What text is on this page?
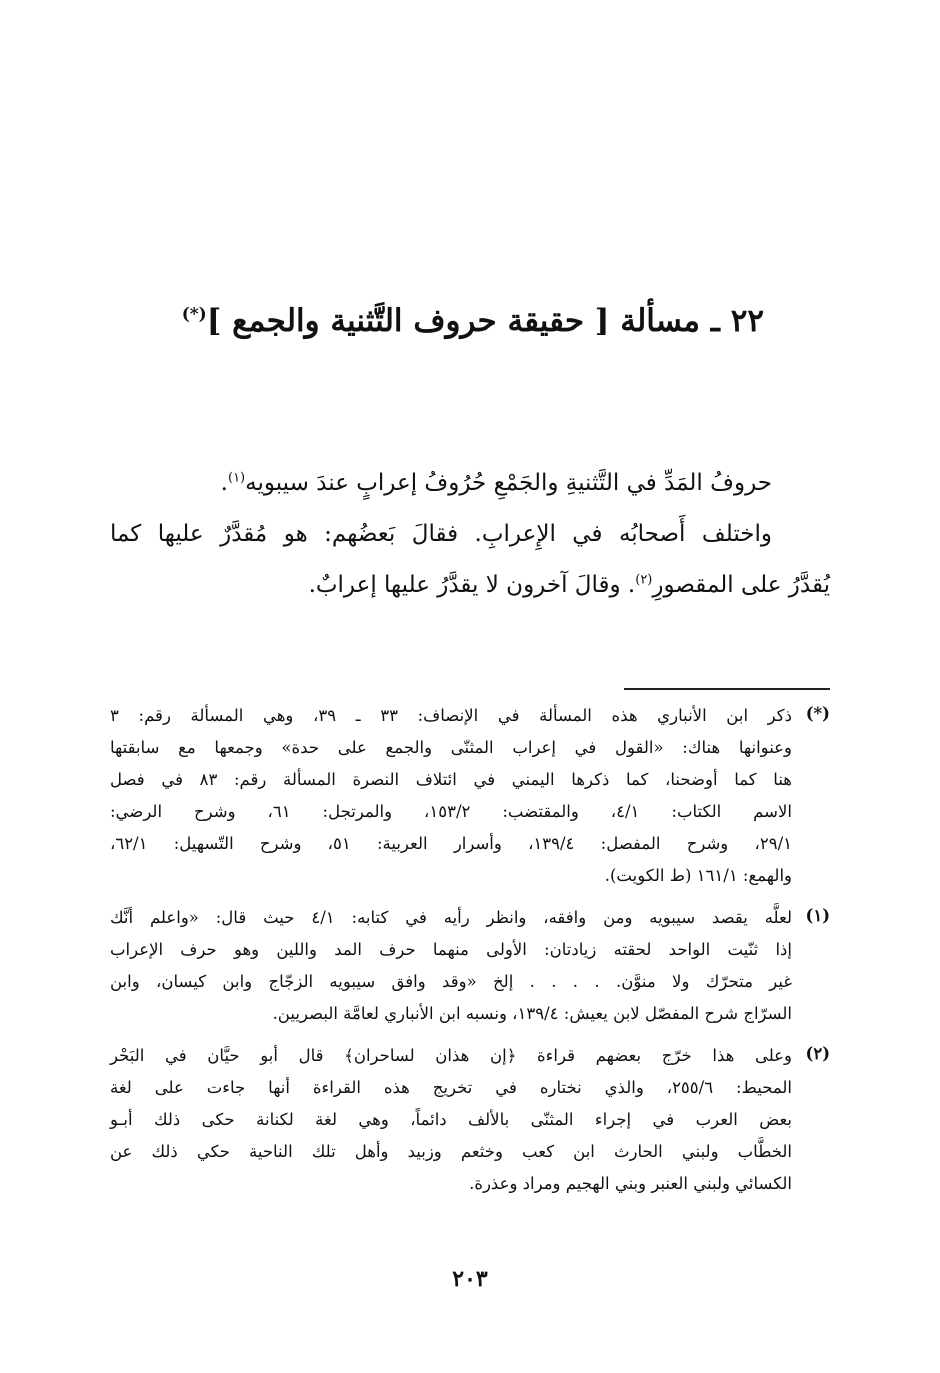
٢٢ ـ مسألة [ حقيقة حروف التَّثنية والجمع ](*)
حروفُ المَدِّ في التَّثنيةِ والجَمْعِ حُرُوفُ إعرابٍ عندَ سيبويه$^{(١)}$.
واختلف أَصحابُه في الإِعرابِ. فقالَ بَعضُهم: هو مُقدَّرٌ عليها كما
يُقدَّرُ على المقصورِ$^{(٢)}$. وقالَ آخرون لا يقدَّرُ عليها إعرابٌ.
(*)
ذكر ابن الأنباري هذه المسألة في الإنصاف: ٣٣ ـ ٣٩، وهي المسألة رقم: ٣
وعنوانها هناك: «القول في إعراب المثنّى والجمع على حدة» وجمعها مع سابقتها
هنا كما أوضحنا، كما ذكرها اليمني في ائتلاف النصرة المسألة رقم: ٨٣ في فصل
الاسم الكتاب: ٤/١، والمقتضب: ١٥٣/٢، والمرتجل: ٦١، وشرح الرضي:
٢٩/١، وشرح المفصل: ١٣٩/٤، وأسرار العربية: ٥١، وشرح التّسهيل: ٦٢/١،
والهمع: ١٦١/١ (ط الكويت).
(١)
لعلَّه يقصد سيبويه ومن وافقه، وانظر رأيه في كتابه: ٤/١ حيث قال: «واعلم أنَّك
إذا ثنّيت الواحد لحقته زيادتان: الأولى منهما حرف المد واللين وهو حرف الإعراب
غير متحرّك ولا منوَّن. . . . . إلخ «وقد وافق سيبويه الزجّاج وابن كيسان، وابن
السرّاج شرح المفصّل لابن يعيش: ١٣٩/٤، ونسبه ابن الأنباري لعامَّة البصريين.
(٢)
وعلى هذا خرّج بعضهم قراءة ﴿إن هذان لساحران﴾ قال أبو حيَّان في البَحْر
المحيط: ٢٥٥/٦، والذي نختاره في تخريج هذه القراءة أنها جاءت على لغة
بعض العرب في إجراء المثنّى بالألف دائماً، وهي لغة لكنانة حكى ذلك أبـو
الخطَّاب ولبني الحارث ابن كعب وخثعم وزبيد وأهل تلك الناحية حكي ذلك عن
الكسائي ولبني العنبر وبني الهجيم ومراد وعذرة.
٢٠٣
